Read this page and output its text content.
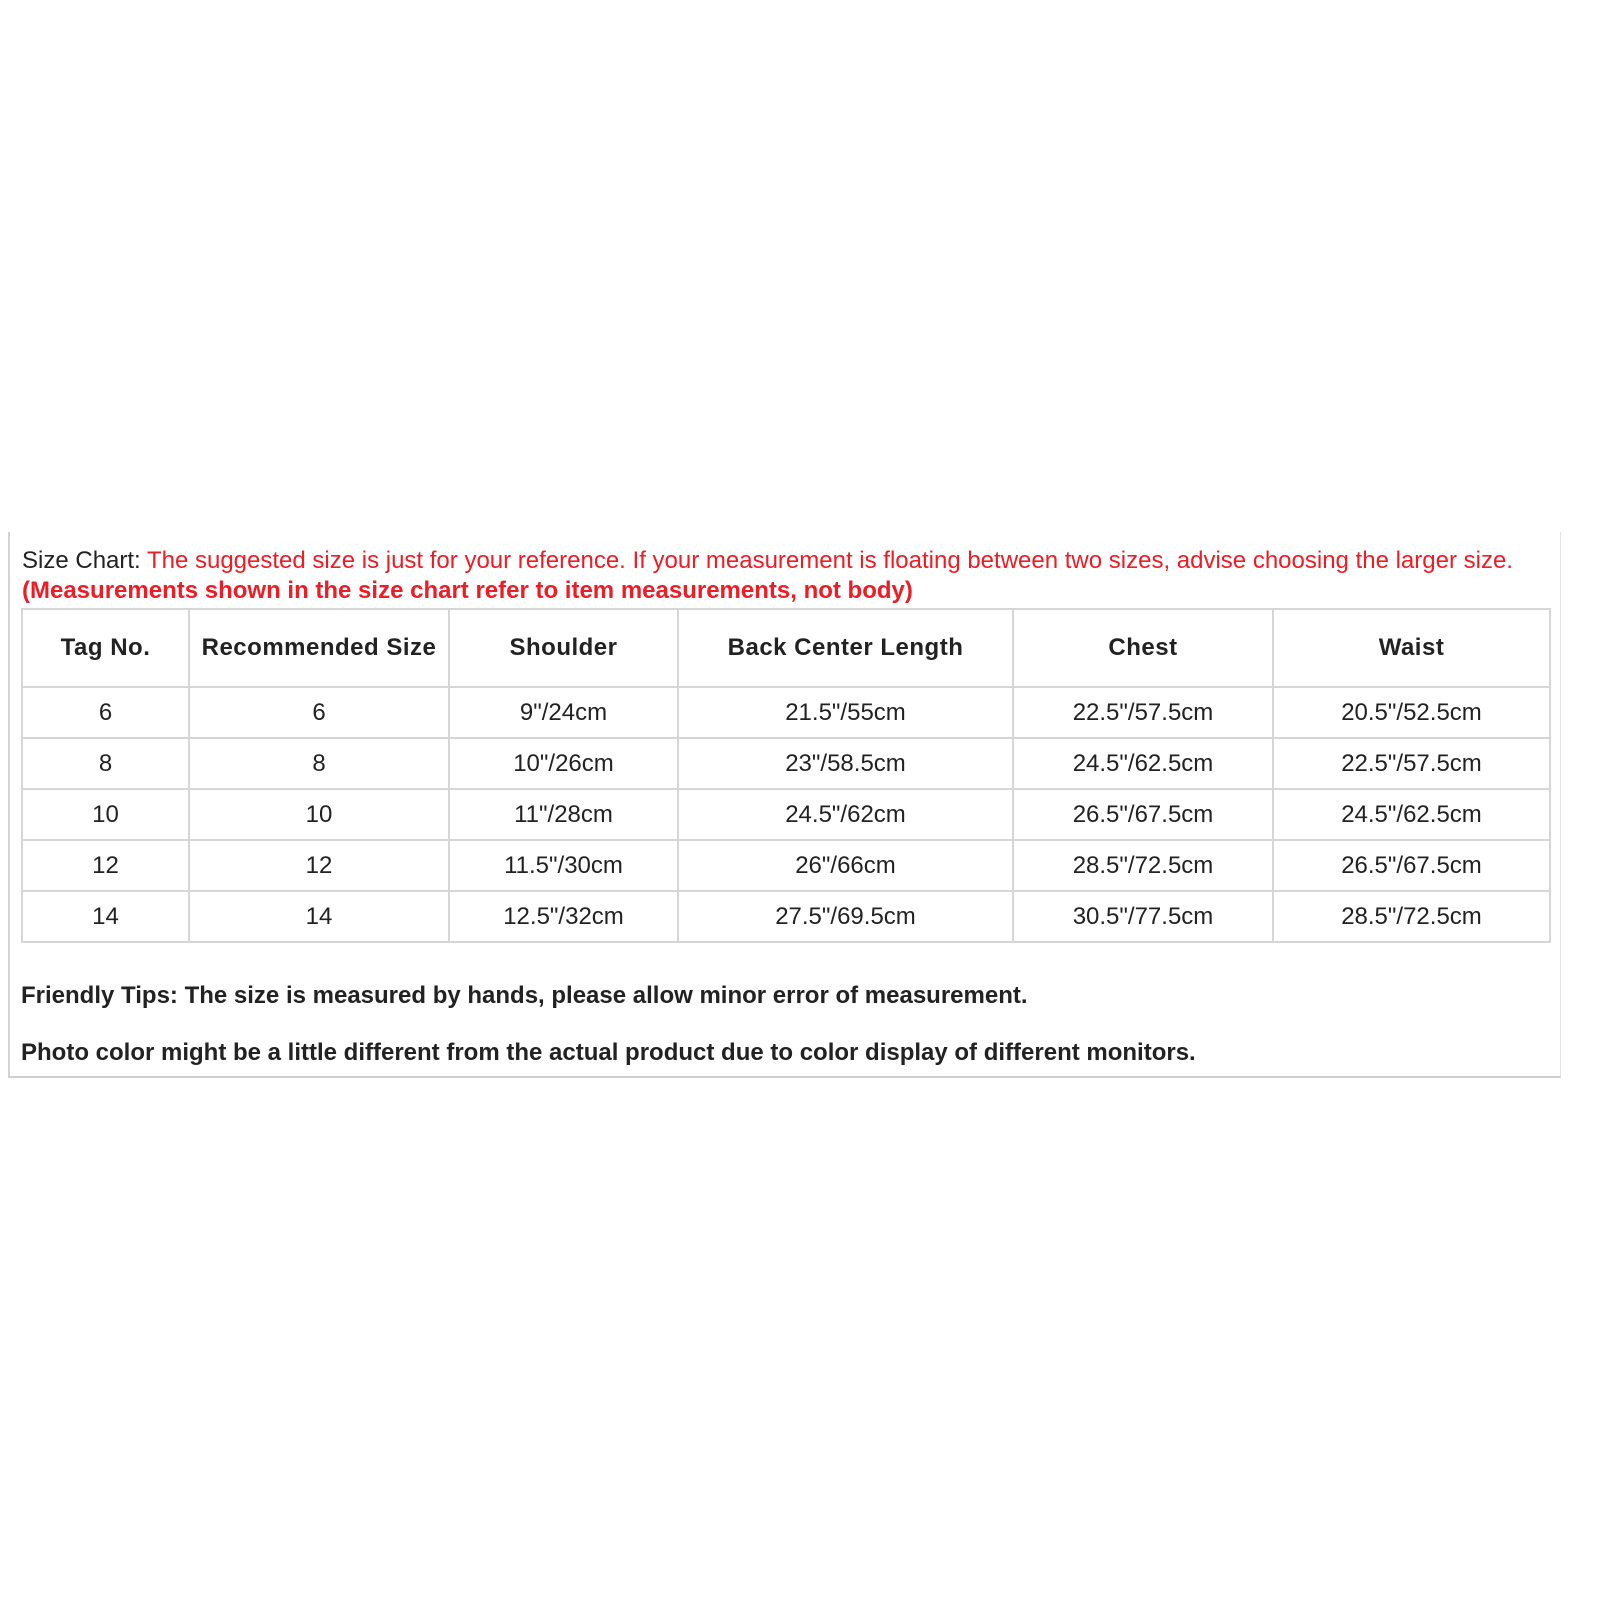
Size Chart: The suggested size is just for your reference. If your measurement is floating between two sizes, advise choosing the larger size. (Measurements shown in the size chart refer to item measurements, not body)
Tag No.	Recommended Size	Shoulder	Back Center Length	Chest	Waist
6	6	9"/24cm	21.5"/55cm	22.5"/57.5cm	20.5"/52.5cm
8	8	10"/26cm	23"/58.5cm	24.5"/62.5cm	22.5"/57.5cm
10	10	11"/28cm	24.5"/62cm	26.5"/67.5cm	24.5"/62.5cm
12	12	11.5"/30cm	26"/66cm	28.5"/72.5cm	26.5"/67.5cm
14	14	12.5"/32cm	27.5"/69.5cm	30.5"/77.5cm	28.5"/72.5cm
Friendly Tips: The size is measured by hands, please allow minor error of measurement.
Photo color might be a little different from the actual product due to color display of different monitors.
